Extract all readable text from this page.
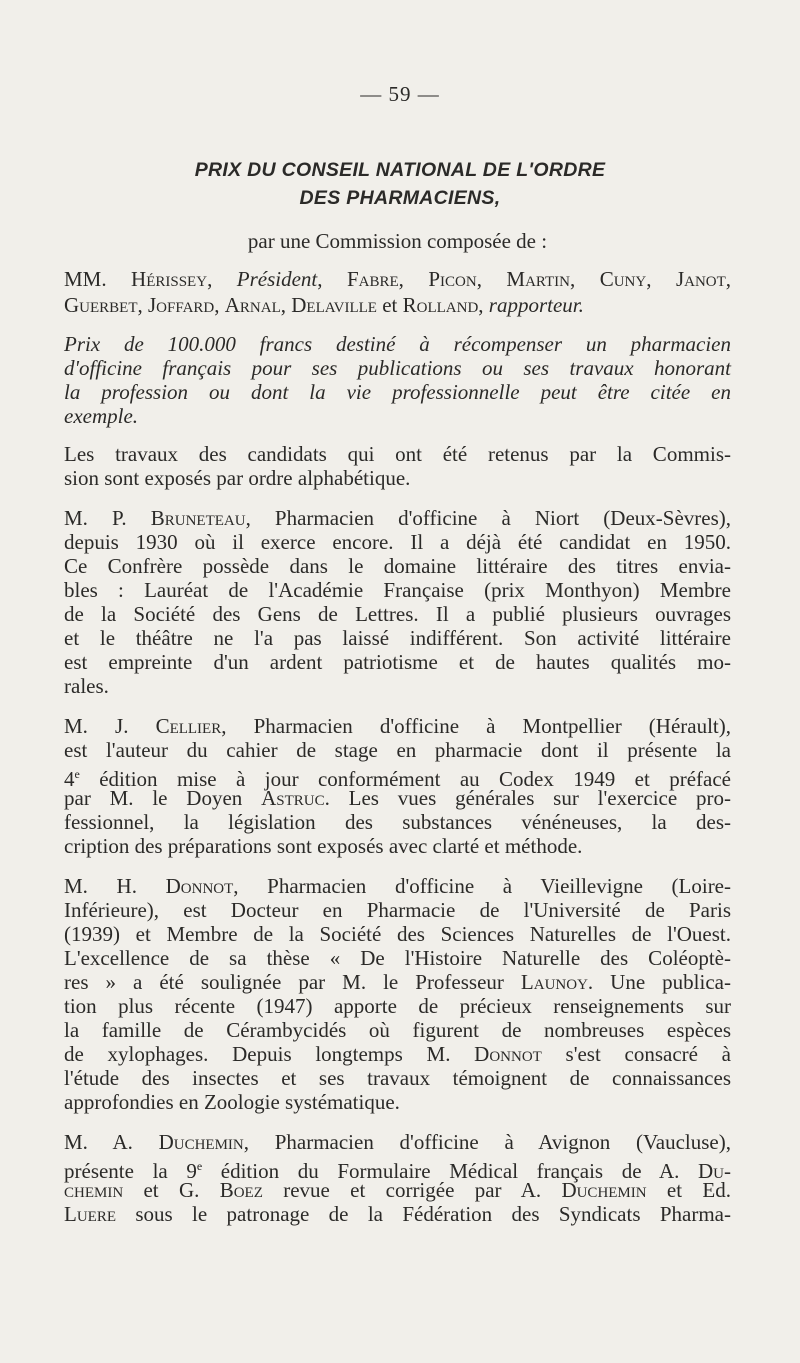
— 59 —
PRIX DU CONSEIL NATIONAL DE L'ORDRE
DES PHARMACIENS,
par une Commission composée de :
MM. Hérissey, Président, Fabre, Picon, Martin, Cuny, Janot,
Guerbet, Joffard, Arnal, Delaville et Rolland, rapporteur.
Prix de 100.000 francs destiné à récompenser un pharmacien
d'officine français pour ses publications ou ses travaux honorant
la profession ou dont la vie professionnelle peut être citée en
exemple.
Les travaux des candidats qui ont été retenus par la Commis-
sion sont exposés par ordre alphabétique.
M. P. Bruneteau, Pharmacien d'officine à Niort (Deux-Sèvres),
depuis 1930 où il exerce encore. Il a déjà été candidat en 1950.
Ce Confrère possède dans le domaine littéraire des titres envia-
bles : Lauréat de l'Académie Française (prix Monthyon) Membre
de la Société des Gens de Lettres. Il a publié plusieurs ouvrages
et le théâtre ne l'a pas laissé indifférent. Son activité littéraire
est empreinte d'un ardent patriotisme et de hautes qualités mo-
rales.
M. J. Cellier, Pharmacien d'officine à Montpellier (Hérault),
est l'auteur du cahier de stage en pharmacie dont il présente la
4e édition mise à jour conformément au Codex 1949 et préfacé
par M. le Doyen Astruc. Les vues générales sur l'exercice pro-
fessionnel, la législation des substances vénéneuses, la des-
cription des préparations sont exposés avec clarté et méthode.
M. H. Donnot, Pharmacien d'officine à Vieillevigne (Loire-
Inférieure), est Docteur en Pharmacie de l'Université de Paris
(1939) et Membre de la Société des Sciences Naturelles de l'Ouest.
L'excellence de sa thèse « De l'Histoire Naturelle des Coléoptè-
res » a été soulignée par M. le Professeur Launoy. Une publica-
tion plus récente (1947) apporte de précieux renseignements sur
la famille de Cérambycidés où figurent de nombreuses espèces
de xylophages. Depuis longtemps M. Donnot s'est consacré à
l'étude des insectes et ses travaux témoignent de connaissances
approfondies en Zoologie systématique.
M. A. Duchemin, Pharmacien d'officine à Avignon (Vaucluse),
présente la 9e édition du Formulaire Médical français de A. Du-
chemin et G. Boez revue et corrigée par A. Duchemin et Ed.
Luere sous le patronage de la Fédération des Syndicats Pharma-
